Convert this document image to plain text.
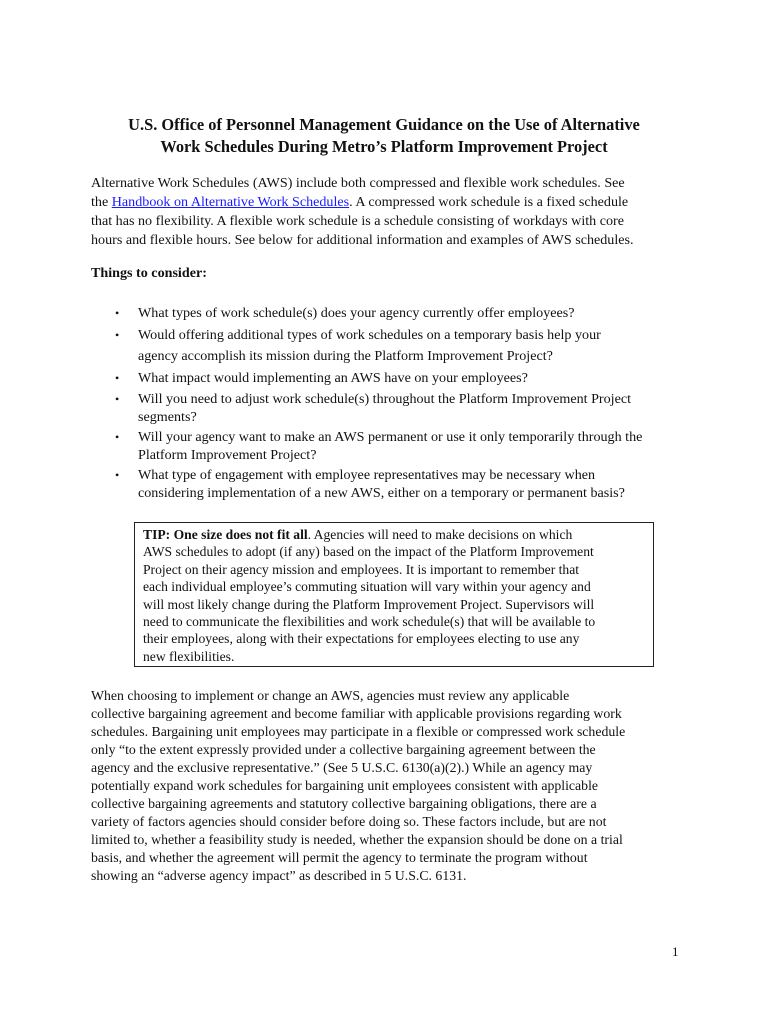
U.S. Office of Personnel Management Guidance on the Use of Alternative
Work Schedules During Metro’s Platform Improvement Project

Alternative Work Schedules (AWS) include both compressed and flexible work schedules. See
the Handbook on Alternative Work Schedules. A compressed work schedule is a fixed schedule
that has no flexibility. A flexible work schedule is a schedule consisting of workdays with core
hours and flexible hours. See below for additional information and examples of AWS schedules.

Things to consider:

• What types of work schedule(s) does your agency currently offer employees?
• Would offering additional types of work schedules on a temporary basis help your
agency accomplish its mission during the Platform Improvement Project?
• What impact would implementing an AWS have on your employees?
• Will you need to adjust work schedule(s) throughout the Platform Improvement Project
segments?
• Will your agency want to make an AWS permanent or use it only temporarily through the
Platform Improvement Project?
• What type of engagement with employee representatives may be necessary when
considering implementation of a new AWS, either on a temporary or permanent basis?
TIP: One size does not fit all. Agencies will need to make decisions on which
AWS schedules to adopt (if any) based on the impact of the Platform Improvement
Project on their agency mission and employees. It is important to remember that
each individual employee’s commuting situation will vary within your agency and
will most likely change during the Platform Improvement Project. Supervisors will
need to communicate the flexibilities and work schedule(s) that will be available to
their employees, along with their expectations for employees electing to use any
new flexibilities.

When choosing to implement or change an AWS, agencies must review any applicable
collective bargaining agreement and become familiar with applicable provisions regarding work
schedules. Bargaining unit employees may participate in a flexible or compressed work schedule
only “to the extent expressly provided under a collective bargaining agreement between the
agency and the exclusive representative.” (See 5 U.S.C. 6130(a)(2).) While an agency may
potentially expand work schedules for bargaining unit employees consistent with applicable
collective bargaining agreements and statutory collective bargaining obligations, there are a
variety of factors agencies should consider before doing so. These factors include, but are not
limited to, whether a feasibility study is needed, whether the expansion should be done on a trial
basis, and whether the agreement will permit the agency to terminate the program without
showing an “adverse agency impact” as described in 5 U.S.C. 6131.

1
